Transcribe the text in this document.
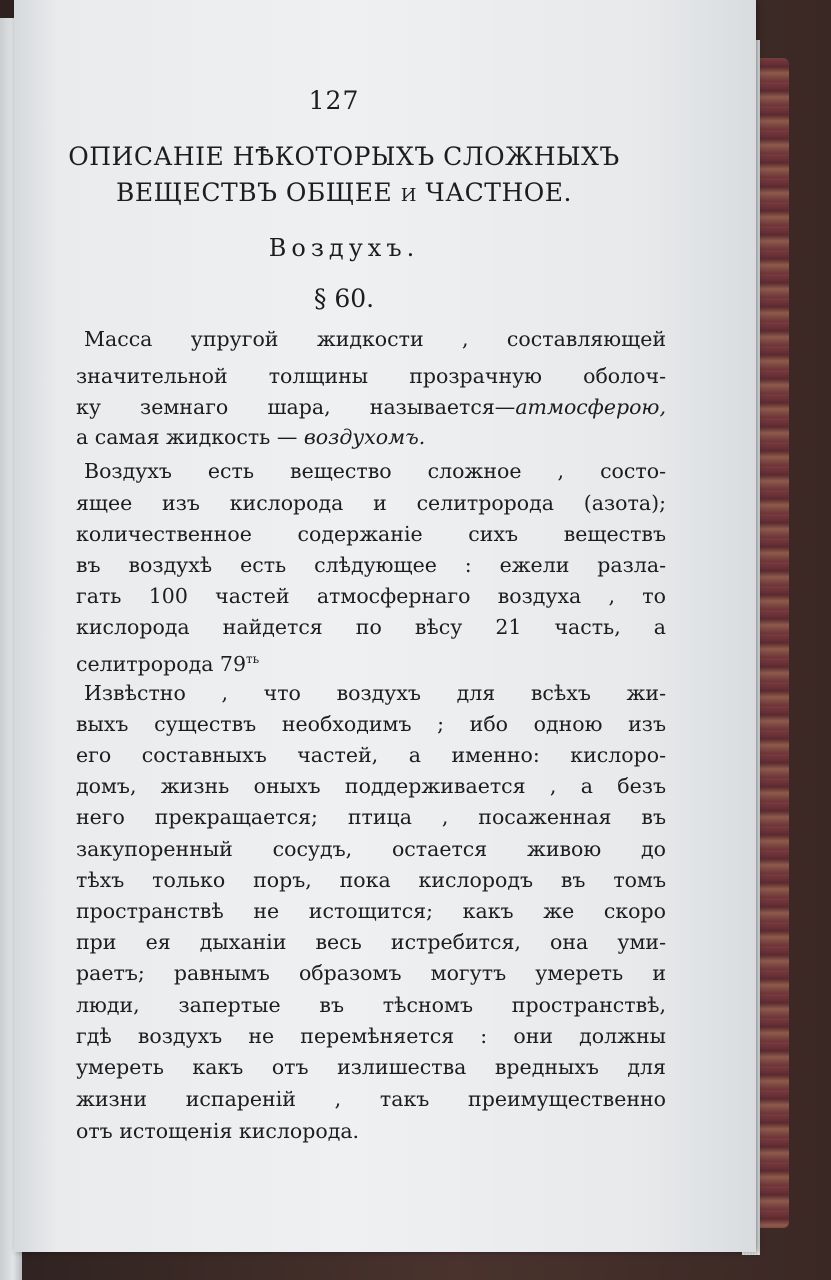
127
ОПИСАНІЕ НѢКОТОРЫХЪ СЛОЖНЫХЪ
ВЕЩЕСТВЪ ОБЩЕЕ и ЧАСТНОЕ.
Воздухъ.
§ 60.
Масса упругой жидкости , составляющей
значительной толщины прозрачную оболоч-
ку земнаго шара, называется—атмосферою,
а самая жидкость — воздухомъ.
Воздухъ есть вещество сложное , состо-
ящее изъ кислорода и селитророда (азота);
количественное содержаніе сихъ веществъ
въ воздухѣ есть слѣдующее : ежели разла-
гать 100 частей атмосфернаго воздуха , то
кислорода найдется по вѣсу 21 часть, а
селитророда $79^{ть}$
Извѣстно , что воздухъ для всѣхъ жи-
выхъ существъ необходимъ ; ибо одною изъ
его составныхъ частей, а именно: кислоро-
домъ, жизнь оныхъ поддерживается , а безъ
него прекращается; птица , посаженная въ
закупоренный сосудъ, остается живою до
тѣхъ только поръ, пока кислородъ въ томъ
пространствѣ не истощится; какъ же скоро
при ея дыханіи весь истребится, она уми-
раетъ; равнымъ образомъ могутъ умереть и
люди, запертые въ тѣсномъ пространствѣ,
гдѣ воздухъ не перемѣняется : они должны
умереть какъ отъ излишества вредныхъ для
жизни испареній , такъ преимущественно
отъ истощенія кислорода.
